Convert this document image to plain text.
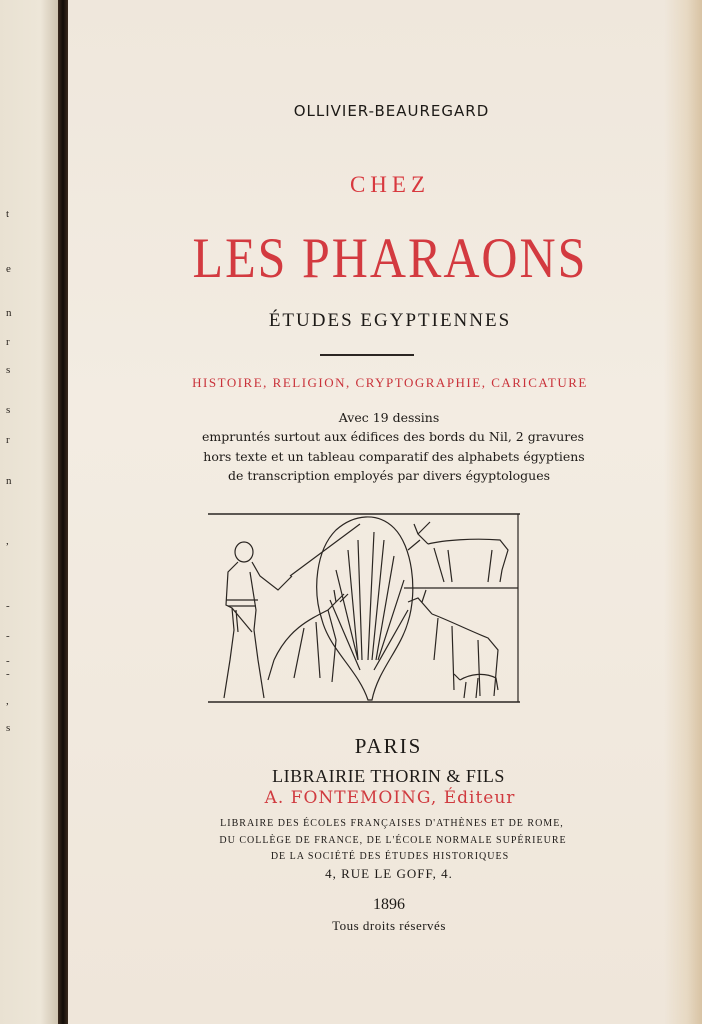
t
e
n
r
s
s
r
n
,
-
-
-
-
,
s
OLLIVIER-BEAUREGARD
CHEZ
LES PHARAONS
ÉTUDES EGYPTIENNES
HISTOIRE, RELIGION, CRYPTOGRAPHIE, CARICATURE
Avec 19 dessins
empruntés surtout aux édifices des bords du Nil, 2 gravures
hors texte et un tableau comparatif des alphabets égyptiens
de transcription employés par divers égyptologues
PARIS
LIBRAIRIE THORIN & FILS
A. FONTEMOING, Éditeur
LIBRAIRE DES ÉCOLES FRANÇAISES D'ATHÈNES ET DE ROME,
DU COLLÈGE DE FRANCE, DE L'ÉCOLE NORMALE SUPÉRIEURE
DE LA SOCIÉTÉ DES ÉTUDES HISTORIQUES
4, RUE LE GOFF, 4.
1896
Tous droits réservés
